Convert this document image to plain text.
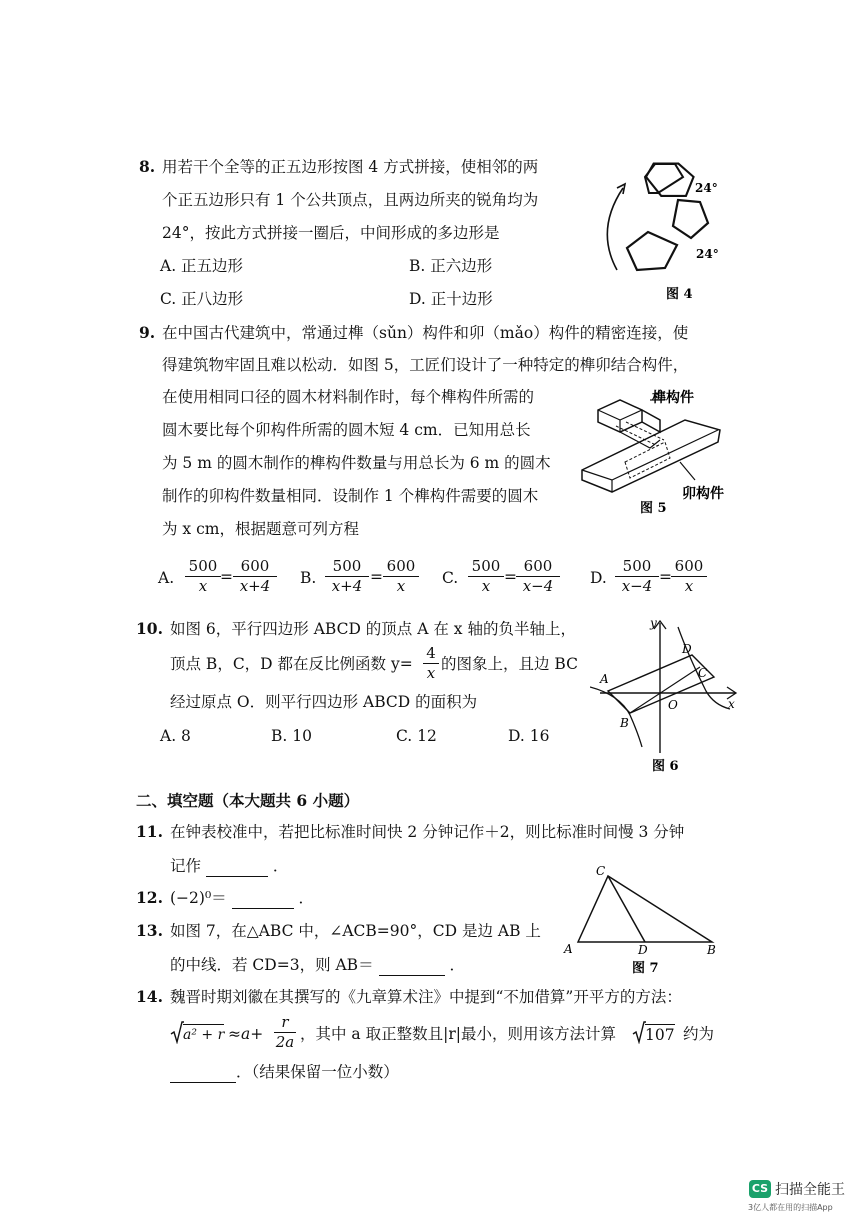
8. 用若干个全等的正五边形按图 4 方式拼接，使相邻的两
个正五边形只有 1 个公共顶点，且两边所夹的锐角均为
24°，按此方式拼接一圈后，中间形成的多边形是
A. 正五边形	B. 正六边形
C. 正八边形	D. 正十边形
24°
24°
图 4
9. 在中国古代建筑中，常通过榫（sǔn）构件和卯（mǎo）构件的精密连接，使
得建筑物牢固且难以松动．如图 5，工匠们设计了一种特定的榫卯结合构件，
在使用相同口径的圆木材料制作时，每个榫构件所需的
圆木要比每个卯构件所需的圆木短 4 cm．已知用总长
为 5 m 的圆木制作的榫构件数量与用总长为 6 m 的圆木
制作的卯构件数量相同．设制作 1 个榫构件需要的圆木
为 x cm，根据题意可列方程
榫构件
卯构件
图 5
A. $\frac{500}{x} = \frac{600}{x+4} B$. $\frac{500}{x+4} = \frac{600}{x} C$. $\frac{500}{x} = \frac{600}{x-4} D$. $\frac{500}{x-4} = \frac{600}{x}$
10. 如图 6，平行四边形 ABCD 的顶点 A 在 x 轴的负半轴上，
顶点 B，C，D 都在反比例函数 $y= \frac{4}{x}$ 的图象上，且边 BC
经过原点 O．则平行四边形 ABCD 的面积为
A. 8	B. 10	C. 12	D. 16
y
x
A
B
C
D
O
图 6
二、填空题（本大题共 6 小题）
11. 在钟表校准中，若把比标准时间快 2 分钟记作＋2，则比标准时间慢 3 分钟
记作	．
12. (−2)⁰＝	．
13. 如图 7，在△ABC 中，∠ACB=90°，CD 是边 AB 上
的中线．若 CD=3，则 AB＝	．
C
A	D	B
图 7
14. 魏晋时期刘徽在其撰写的《九章算术注》中提到“不加借算”开平方的方法：
$a^2 + r \approx a+ \frac{r}{2a}$ ，其中 a 取正整数且|r|最小，则用该方法计算 107 约为
．（结果保留一位小数）
CS 扫描全能王
3亿人都在用的扫描App
